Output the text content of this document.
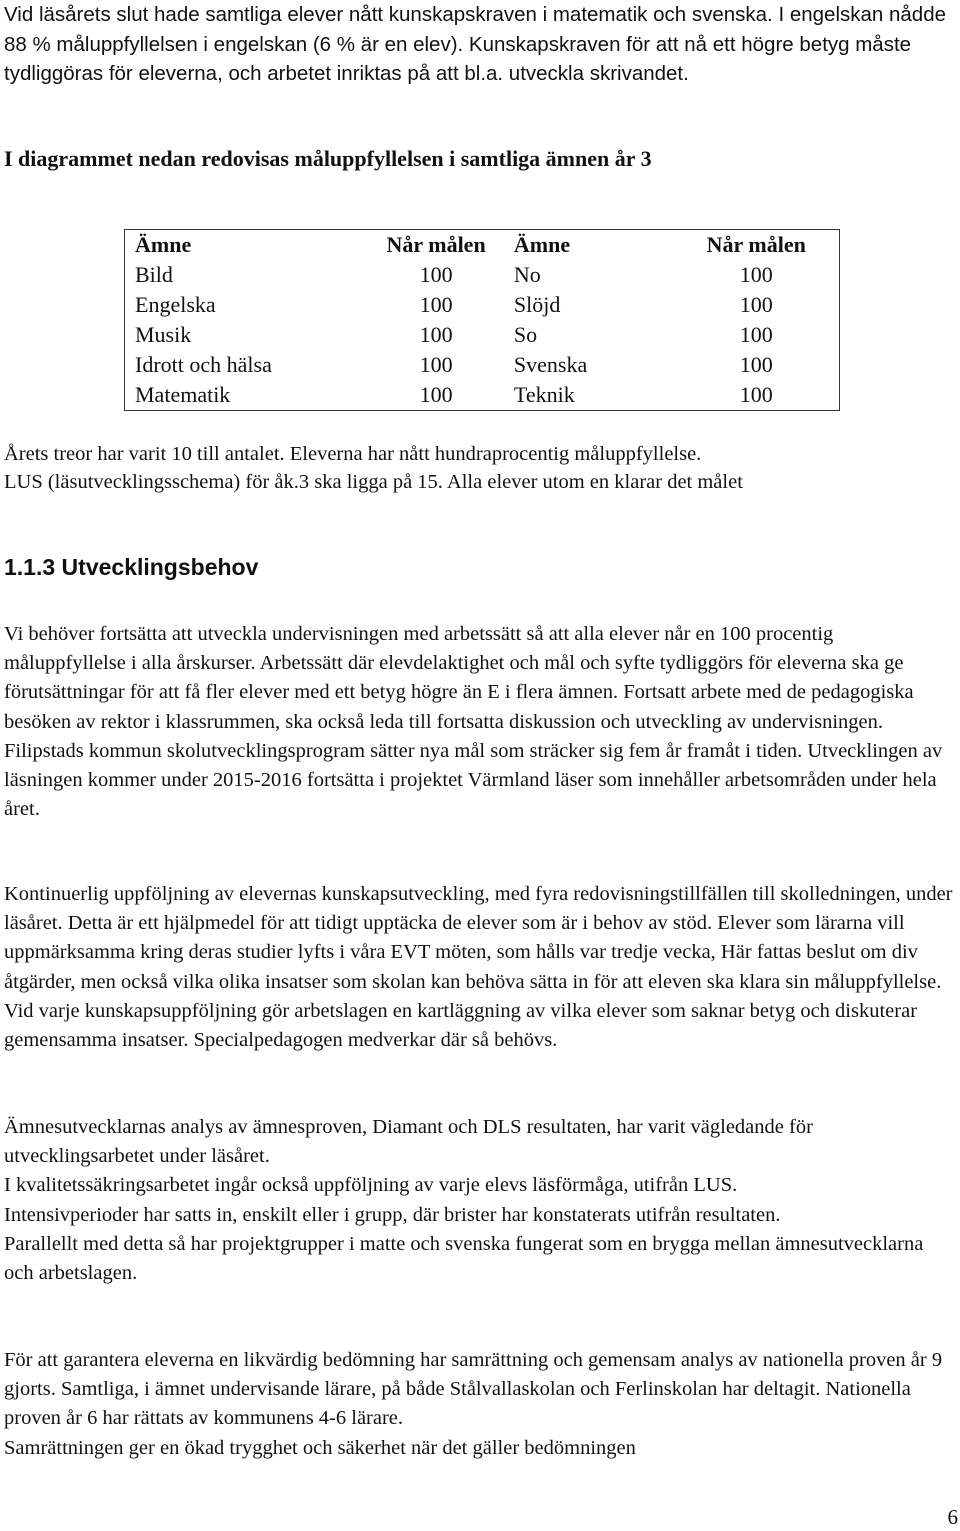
Vid läsårets slut hade samtliga elever nått kunskapskraven i matematik och svenska. I engelskan nådde 88 % måluppfyllelsen i engelskan (6 % är en elev). Kunskapskraven för att nå ett högre betyg måste tydliggöras för eleverna, och arbetet inriktas på att bl.a. utveckla skrivandet.
I diagrammet nedan redovisas måluppfyllelsen i samtliga ämnen år 3
Ämne	Når målen	Ämne	Når målen
Bild	100	No	100
Engelska	100	Slöjd	100
Musik	100	So	100
Idrott och hälsa	100	Svenska	100
Matematik	100	Teknik	100
Årets treor har varit 10 till antalet. Eleverna har nått hundraprocentig måluppfyllelse.
LUS (läsutvecklingsschema) för åk.3 ska ligga på 15. Alla elever utom en klarar det målet
1.1.3 Utvecklingsbehov
Vi behöver fortsätta att utveckla undervisningen med arbetssätt så att alla elever når en 100 procentig måluppfyllelse i alla årskurser. Arbetssätt där elevdelaktighet och mål och syfte tydliggörs för eleverna ska ge förutsättningar för att få fler elever med ett betyg högre än E i flera ämnen. Fortsatt arbete med de pedagogiska besöken av rektor i klassrummen, ska också leda till fortsatta diskussion och utveckling av undervisningen. Filipstads kommun skolutvecklingsprogram sätter nya mål som sträcker sig fem år framåt i tiden. Utvecklingen av läsningen kommer under 2015-2016 fortsätta i projektet Värmland läser som innehåller arbetsområden under hela året.
Kontinuerlig uppföljning av elevernas kunskapsutveckling, med fyra redovisningstillfällen till skolledningen, under läsåret. Detta är ett hjälpmedel för att tidigt upptäcka de elever som är i behov av stöd. Elever som lärarna vill uppmärksamma kring deras studier lyfts i våra EVT möten, som hålls var tredje vecka, Här fattas beslut om div åtgärder, men också vilka olika insatser som skolan kan behöva sätta in för att eleven ska klara sin måluppfyllelse. Vid varje kunskapsuppföljning gör arbetslagen en kartläggning av vilka elever som saknar betyg och diskuterar gemensamma insatser. Specialpedagogen medverkar där så behövs.
Ämnesutvecklarnas analys av ämnesproven, Diamant och DLS resultaten, har varit vägledande för utvecklingsarbetet under läsåret.
I kvalitetssäkringsarbetet ingår också uppföljning av varje elevs läsförmåga, utifrån LUS.
Intensivperioder har satts in, enskilt eller i grupp, där brister har konstaterats utifrån resultaten.
Parallellt med detta så har projektgrupper i matte och svenska fungerat som en brygga mellan ämnesutvecklarna och arbetslagen.
För att garantera eleverna en likvärdig bedömning har samrättning och gemensam analys av nationella proven år 9 gjorts. Samtliga, i ämnet undervisande lärare, på både Stålvallaskolan och Ferlinskolan har deltagit. Nationella proven år 6 har rättats av kommunens 4-6 lärare.
Samrättningen ger en ökad trygghet och säkerhet när det gäller bedömningen
6
